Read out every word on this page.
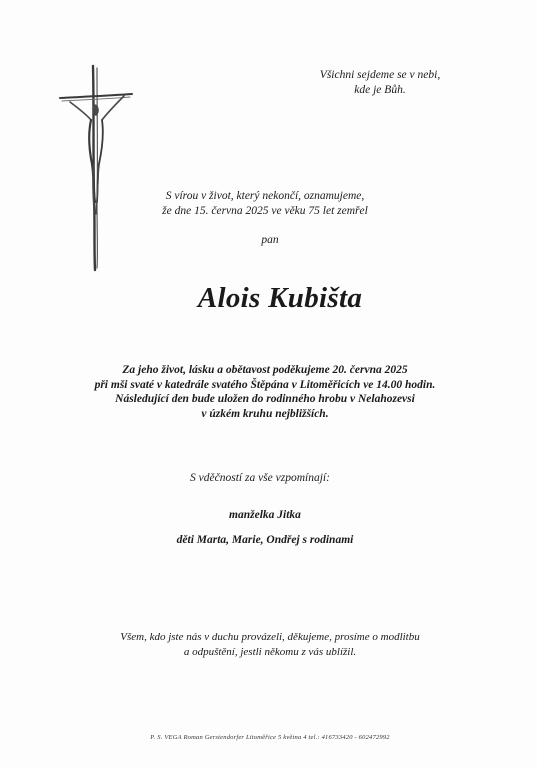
Všichni sejdeme se v nebi,
kde je Bůh.
S vírou v život, který nekončí, oznamujeme,
že dne 15. června 2025 ve věku 75 let zemřel
pan
Alois Kubišta
Za jeho život, lásku a obětavost poděkujeme 20. června 2025
při mši svaté v katedrále svatého Štěpána v Litoměřicích ve 14.00 hodin.
Následující den bude uložen do rodinného hrobu v Nelahozevsi
v úzkém kruhu nejbližších.
S vděčností za vše vzpomínají:
manželka Jitka
děti Marta, Marie, Ondřej s rodinami
Všem, kdo jste nás v duchu provázeli, děkujeme, prosíme o modlitbu
a odpuštění, jestli někomu z vás ublížil.
P. S. VEGA Roman Gerstendorfer Litoměřice 5 května 4 tel.: 416733420 - 602472992
